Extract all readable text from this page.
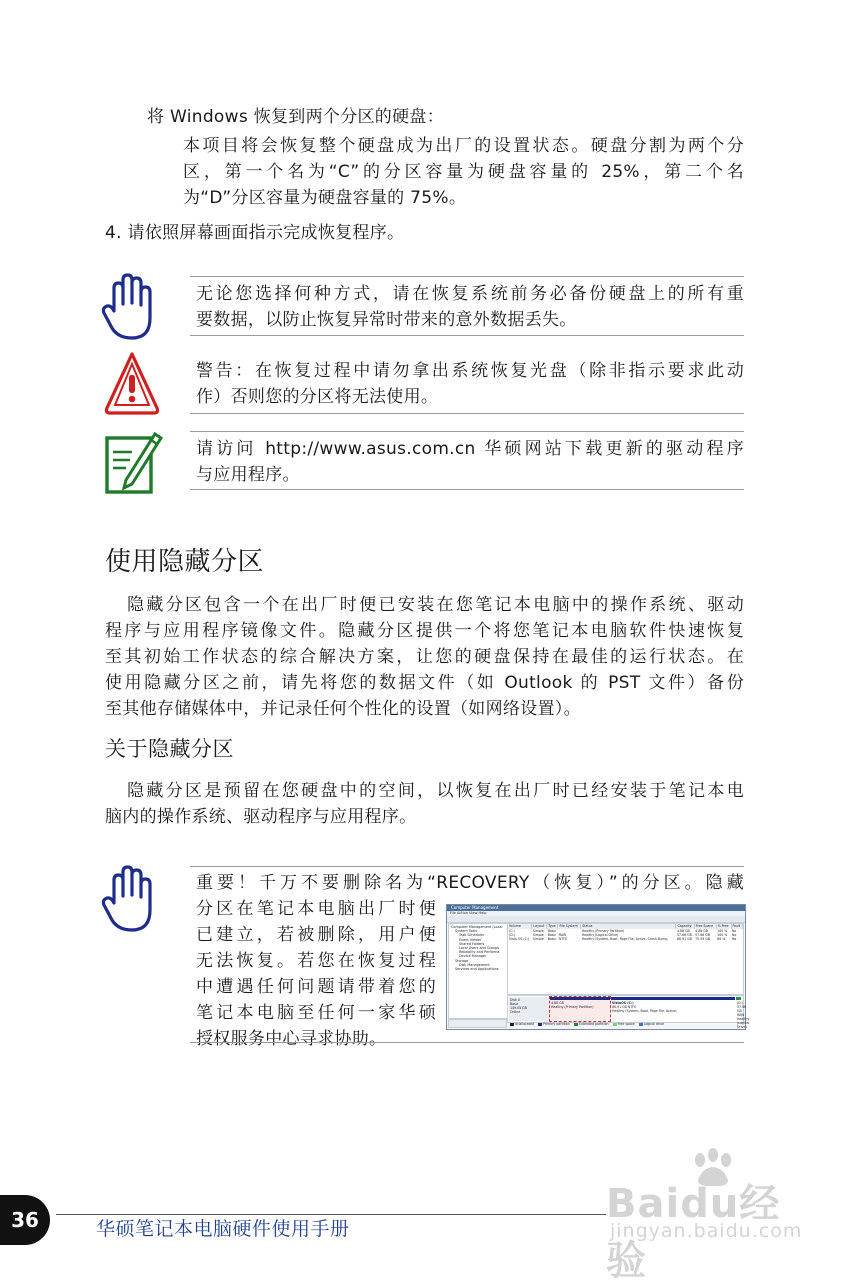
将 Windows 恢复到两个分区的硬盘：
本项目将会恢复整个硬盘成为出厂的设置状态。硬盘分割为两个分
区，第一个名为“C”的分区容量为硬盘容量的 25%，第二个名
为“D”分区容量为硬盘容量的 75%。
4. 请依照屏幕画面指示完成恢复程序。
无论您选择何种方式，请在恢复系统前务必备份硬盘上的所有重
要数据，以防止恢复异常时带来的意外数据丢失。
警告：在恢复过程中请勿拿出系统恢复光盘（除非指示要求此动
作）否则您的分区将无法使用。
请访问 http://www.asus.com.cn 华硕网站下载更新的驱动程序
与应用程序。
使用隐藏分区
隐藏分区包含一个在出厂时便已安装在您笔记本电脑中的操作系统、驱动
程序与应用程序镜像文件。隐藏分区提供一个将您笔记本电脑软件快速恢复
至其初始工作状态的综合解决方案，让您的硬盘保持在最佳的运行状态。在
使用隐藏分区之前，请先将您的数据文件（如 Outlook 的 PST 文件）备份
至其他存储媒体中，并记录任何个性化的设置（如网络设置）。
关于隐藏分区
隐藏分区是预留在您硬盘中的空间，以恢复在出厂时已经安装于笔记本电
脑内的操作系统、驱动程序与应用程序。
重要！千万不要删除名为“RECOVERY（恢复）”的分区。隐藏
分区在笔记本电脑出厂时便
已建立，若被删除，用户便
无法恢复。若您在恢复过程
中遭遇任何问题请带着您的
笔记本电脑至任何一家华硕
授权服务中心寻求协助。
Computer Management
File Action View Help
Computer Management (Local
System Tools
Task Scheduler
Event Viewer
Shared Folders
Local Users and Groups
Reliability and Performa
Device Manager
Storage
Disk Management
Services and Applications
Volume	Layout	Type	File System	Status	Capacity	Free Space	% Free	Fault
(C:)	Simple	Basic		Healthy (Primary Partition)	4.88 GB	4.88 GB	100 %	No
(D:)	Simple	Basic	RAW	Healthy (Logical Drive)	57.66 GB	57.66 GB	100 %	No
Vista OS (C:)	Simple	Basic	NTFS	Healthy (System, Boot, Page File, Active, Crash Dump,	86.91 GB	75.59 GB	86 %	No
Disk 0
Basic
149.05 GB
Online
4.88 GB
Healthy (Primary Partition)
VistaOS (C:)
86.91 GB NTFS
Healthy (System, Boot, Page File, Active,
(D:)
57.66 GB RAW
Healthy (Logical Drive)
Unallocated	Primary partition	Extended partition	Free space	Logical drive
36	华硕笔记本电脑硬件使用手册
Baidu经验
jingyan.baidu.com
